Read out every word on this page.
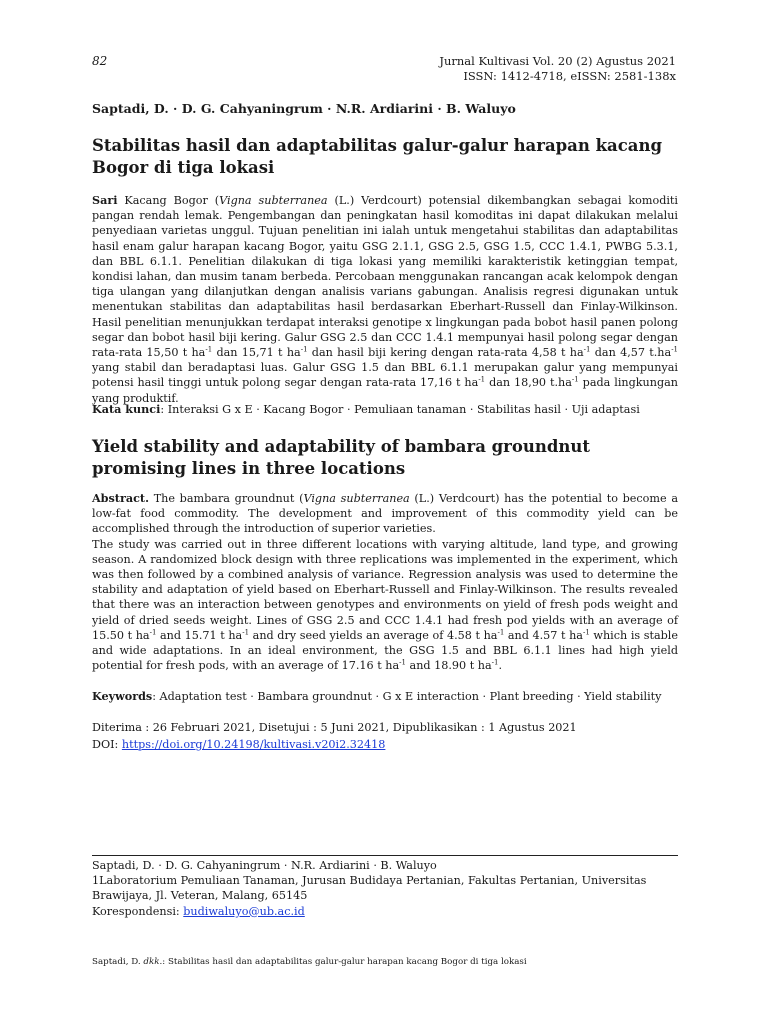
82	Jurnal Kultivasi Vol. 20 (2) Agustus 2021
ISSN: 1412-4718, eISSN: 2581-138x
Saptadi, D. · D. G. Cahyaningrum · N.R. Ardiarini · B. Waluyo
Stabilitas hasil dan adaptabilitas galur-galur harapan kacang Bogor di tiga lokasi

Sari Kacang Bogor (Vigna subterranea (L.) Verdcourt) potensial dikembangkan sebagai komoditi pangan rendah lemak. Pengembangan dan peningkatan hasil komoditas ini dapat dilakukan melalui penyediaan varietas unggul. Tujuan penelitian ini ialah untuk mengetahui stabilitas dan adaptabilitas hasil enam galur harapan kacang Bogor, yaitu GSG 2.1.1, GSG 2.5, GSG 1.5, CCC 1.4.1, PWBG 5.3.1, dan BBL 6.1.1. Penelitian dilakukan di tiga lokasi yang memiliki karakteristik ketinggian tempat, kondisi lahan, dan musim tanam berbeda. Percobaan menggunakan rancangan acak kelompok dengan tiga ulangan yang dilanjutkan dengan analisis varians gabungan. Analisis regresi digunakan untuk menentukan stabilitas dan adaptabilitas hasil berdasarkan Eberhart-Russell dan Finlay-Wilkinson. Hasil penelitian menunjukkan terdapat interaksi genotipe x lingkungan pada bobot hasil panen polong segar dan bobot hasil biji kering. Galur GSG 2.5 dan CCC 1.4.1 mempunyai hasil polong segar dengan rata-rata 15,50 t $ha^{-1}$ dan 15,71 t $ha^{-1}$ dan hasil biji kering dengan rata-rata 4,58 t $ha^{-1}$ dan 4,57 $t.ha^{-1}$ yang stabil dan beradaptasi luas. Galur GSG 1.5 dan BBL 6.1.1 merupakan galur yang mempunyai potensi hasil tinggi untuk polong segar dengan rata-rata 17,16 t $ha^{-1}$ dan 18,90 $t.ha^{-1}$ pada lingkungan yang produktif.

Kata kunci: Interaksi G x E · Kacang Bogor · Pemuliaan tanaman · Stabilitas hasil · Uji adaptasi

Yield stability and adaptability of bambara groundnut promising lines in three locations

Abstract. The bambara groundnut (Vigna subterranea (L.) Verdcourt) has the potential to become a low-fat food commodity. The development and improvement of this commodity yield can be accomplished through the introduction of superior varieties.

The study was carried out in three different locations with varying altitude, land type, and growing season. A randomized block design with three replications was implemented in the experiment, which was then followed by a combined analysis of variance. Regression analysis was used to determine the stability and adaptation of yield based on Eberhart-Russell and Finlay-Wilkinson. The results revealed that there was an interaction between genotypes and environments on yield of fresh pods weight and yield of dried seeds weight. Lines of GSG 2.5 and CCC 1.4.1 had fresh pod yields with an average of 15.50 t $ha^{-1}$ and 15.71 t $ha^{-1}$ and dry seed yields an average of 4.58 t $ha^{-1}$ and 4.57 t $ha^{-1}$ which is stable and wide adaptations. In an ideal environment, the GSG 1.5 and BBL 6.1.1 lines had high yield potential for fresh pods, with an average of 17.16 t $ha^{-1}$ and 18.90 t $ha^{-1}$.

Keywords: Adaptation test · Bambara groundnut · G x E interaction · Plant breeding · Yield stability

Diterima : 26 Februari 2021, Disetujui : 5 Juni 2021, Dipublikasikan : 1 Agustus 2021

DOI: https://doi.org/10.24198/kultivasi.v20i2.32418

Saptadi, D. · D. G. Cahyaningrum · N.R. Ardiarini · B. Waluyo
1Laboratorium Pemuliaan Tanaman, Jurusan Budidaya Pertanian, Fakultas Pertanian, Universitas Brawijaya, Jl. Veteran, Malang, 65145
Korespondensi: budiwaluyo@ub.ac.id
Saptadi, D. dkk.: Stabilitas hasil dan adaptabilitas galur-galur harapan kacang Bogor di tiga lokasi
